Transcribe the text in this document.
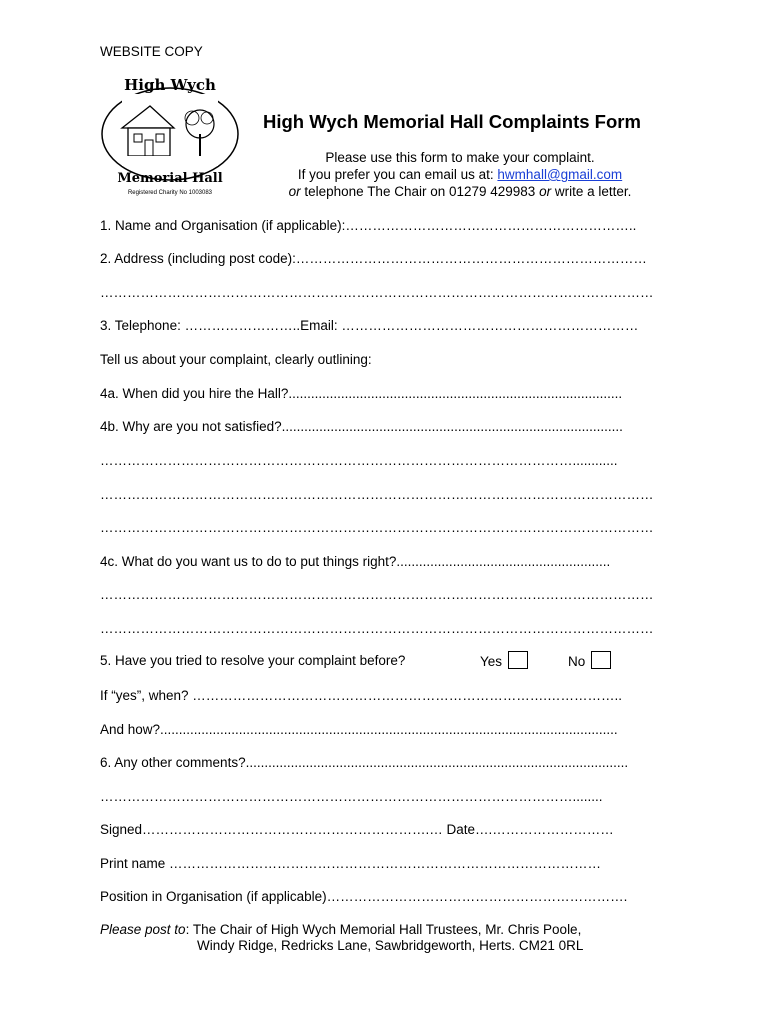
WEBSITE COPY
High Wych
Memorial Hall
Registered Charity No 1003083
High Wych Memorial Hall Complaints Form
Please use this form to make your complaint.
If you prefer you can email us at: hwmhall@gmail.com
or telephone The Chair on 01279 429983 or write a letter.
1. Name and Organisation (if applicable):………………………………………………………..
2. Address (including post code):……………………………………………………………………
……………………………………………………………………………………………………………
3. Telephone: ……………………..Email: …………………………………………………………
Tell us about your complaint, clearly outlining:
4a. When did you hire the Hall?.........................................................................................
4b. Why are you not satisfied?...........................................................................................
……………………………………………………………………………………………............
……………………………………………………………………………………………………………
……………………………………………………………………………………………………………
4c. What do you want us to do to put things right?.........................................................
……………………………………………………………………………………………………………
……………………………………………………………………………………………………………
5. Have you tried to resolve your complaint before?	Yes	No
If “yes”, when? …………………………………………………………………….……………..
And how?..........................................................................................................................
6. Any other comments?......................................................................................................
……………………………………………………………………………………………........
Signed……………………………………………………….… Date….………………………
Print name ……………………………………………………………………………………
Position in Organisation (if applicable)………………………………………………………….
Please post to: The Chair of High Wych Memorial Hall Trustees, Mr. Chris Poole,
Windy Ridge, Redricks Lane, Sawbridgeworth, Herts. CM21 0RL
